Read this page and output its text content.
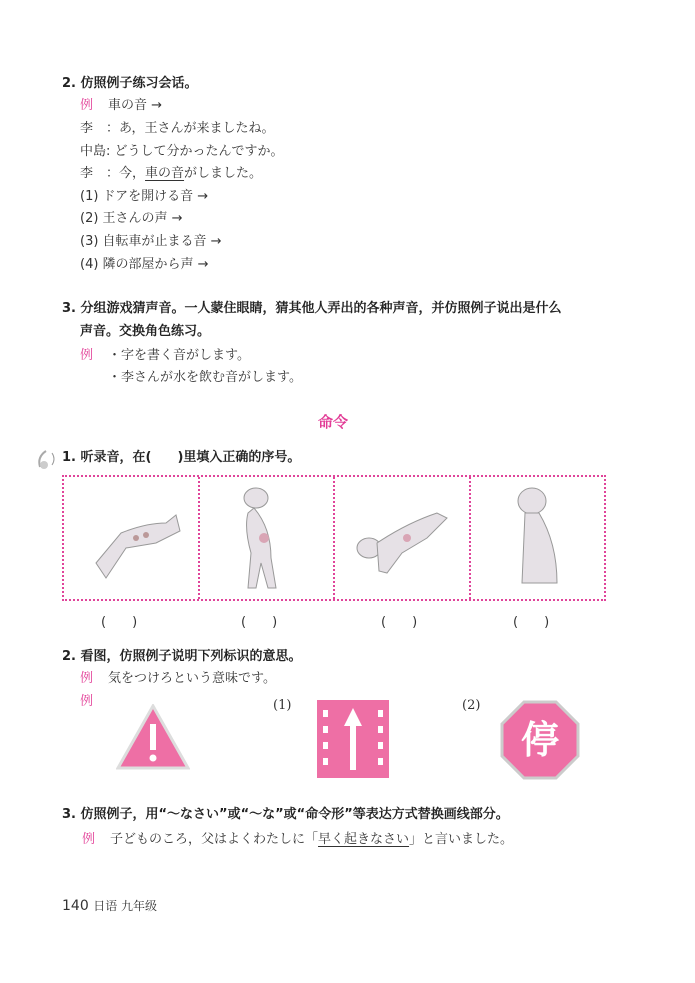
2. 仿照例子练习会话。
例 車の音 →
李　：あ，王さんが来ましたね。
中島: どうして分かったんですか。
李　：今，車の音がしました。
(1) ドアを開ける音 →
(2) 王さんの声 →
(3) 自転車が止まる音 →
(4) 隣の部屋から声 →
3. 分组游戏猜声音。一人蒙住眼睛，猜其他人弄出的各种声音，并仿照例子说出是什么
声音。交换角色练习。
例 ・字を書く音がします。
・李さんが水を飲む音がします。
命令
1. 听录音，在(　　)里填入正确的序号。
(　　)	(　　)	(　　)	(　　)
2. 看图，仿照例子说明下列标识的意思。
例 気をつけろという意味です。
例	(1)	(2)
停
3. 仿照例子，用“～なさい”或“～な”或“命令形”等表达方式替换画线部分。
例 子どものころ，父はよくわたしに「早く起きなさい」と言いました。
140 日语 九年级
